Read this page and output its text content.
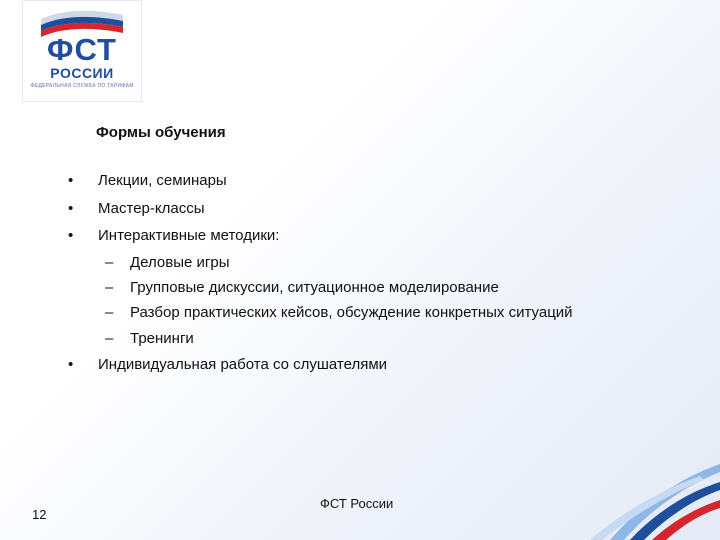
ФСТ
РОССИИ
ФЕДЕРАЛЬНАЯ СЛУЖБА ПО ТАРИФАМ
Формы обучения
• Лекции, семинары
• Мастер-классы
• Интерактивные методики:
– Деловые игры
– Групповые дискуссии, ситуационное моделирование
– Разбор практических кейсов, обсуждение конкретных ситуаций
– Тренинги
• Индивидуальная работа со слушателями
12
ФСТ России
